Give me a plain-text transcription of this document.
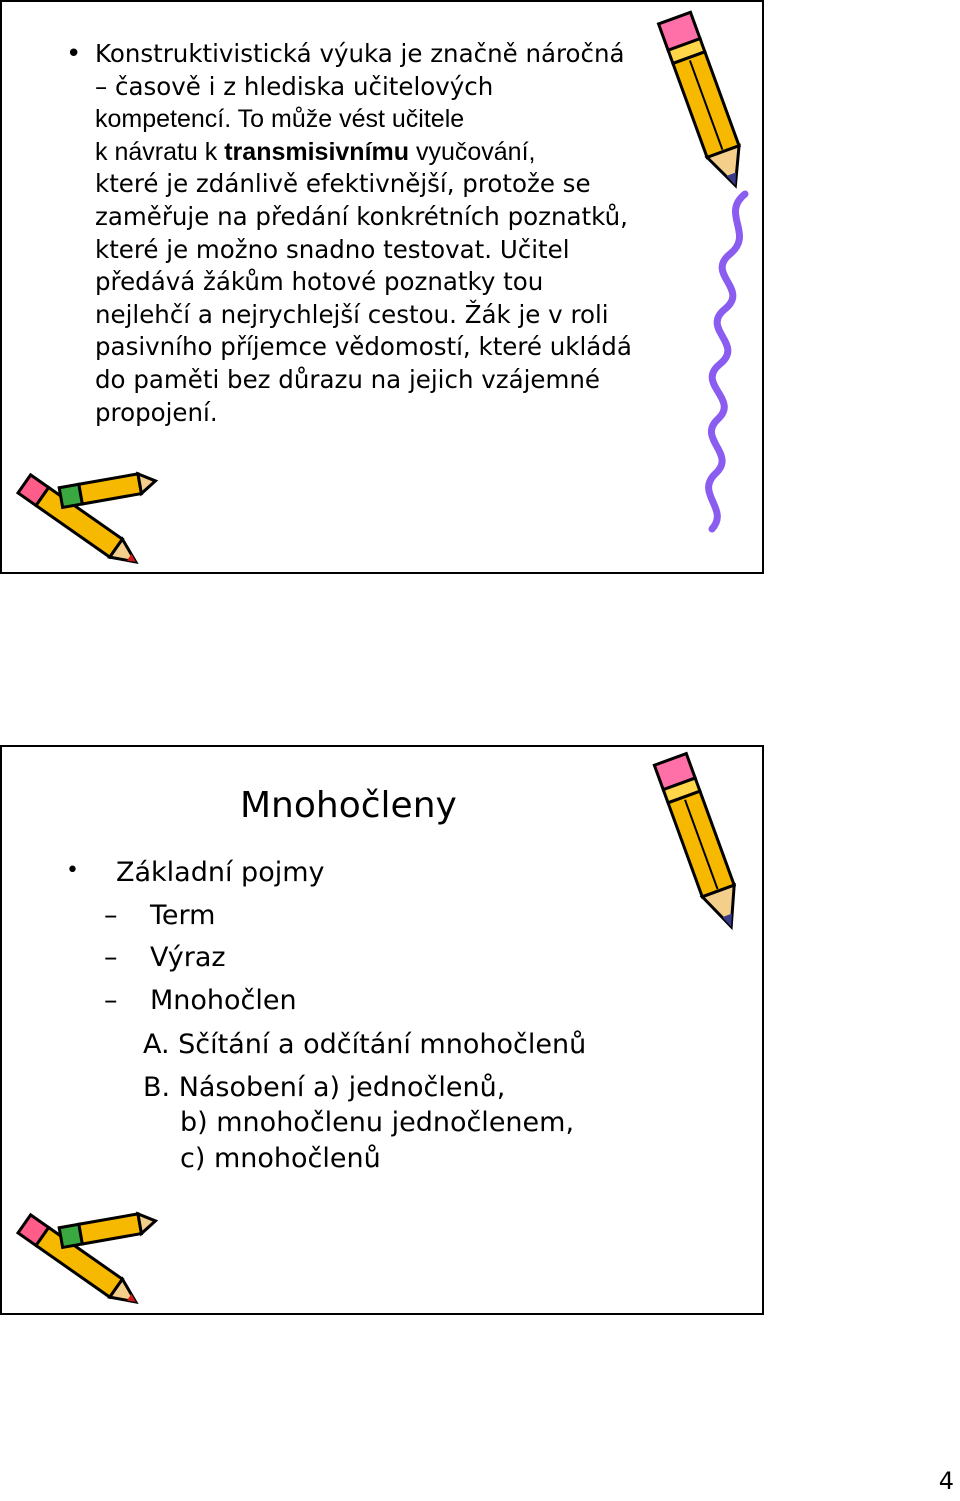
• Konstruktivistická výuka je značně náročná
– časově i z hlediska učitelových
kompetencí. To může vést učitele
k návratu k transmisivnímu vyučování,
které je zdánlivě efektivnější, protože se
zaměřuje na předání konkrétních poznatků,
které je možno snadno testovat. Učitel
předává žákům hotové poznatky tou
nejlehčí a nejrychlejší cestou. Žák je v roli
pasivního příjemce vědomostí, které ukládá
do paměti bez důrazu na jejich vzájemné
propojení.
Mnohočleny
• Základní pojmy
– Term
– Výraz
– Mnohočlen
A. Sčítání a odčítání mnohočlenů
B. Násobení a) jednočlenů,
b) mnohočlenu jednočlenem,
c) mnohočlenů
4
